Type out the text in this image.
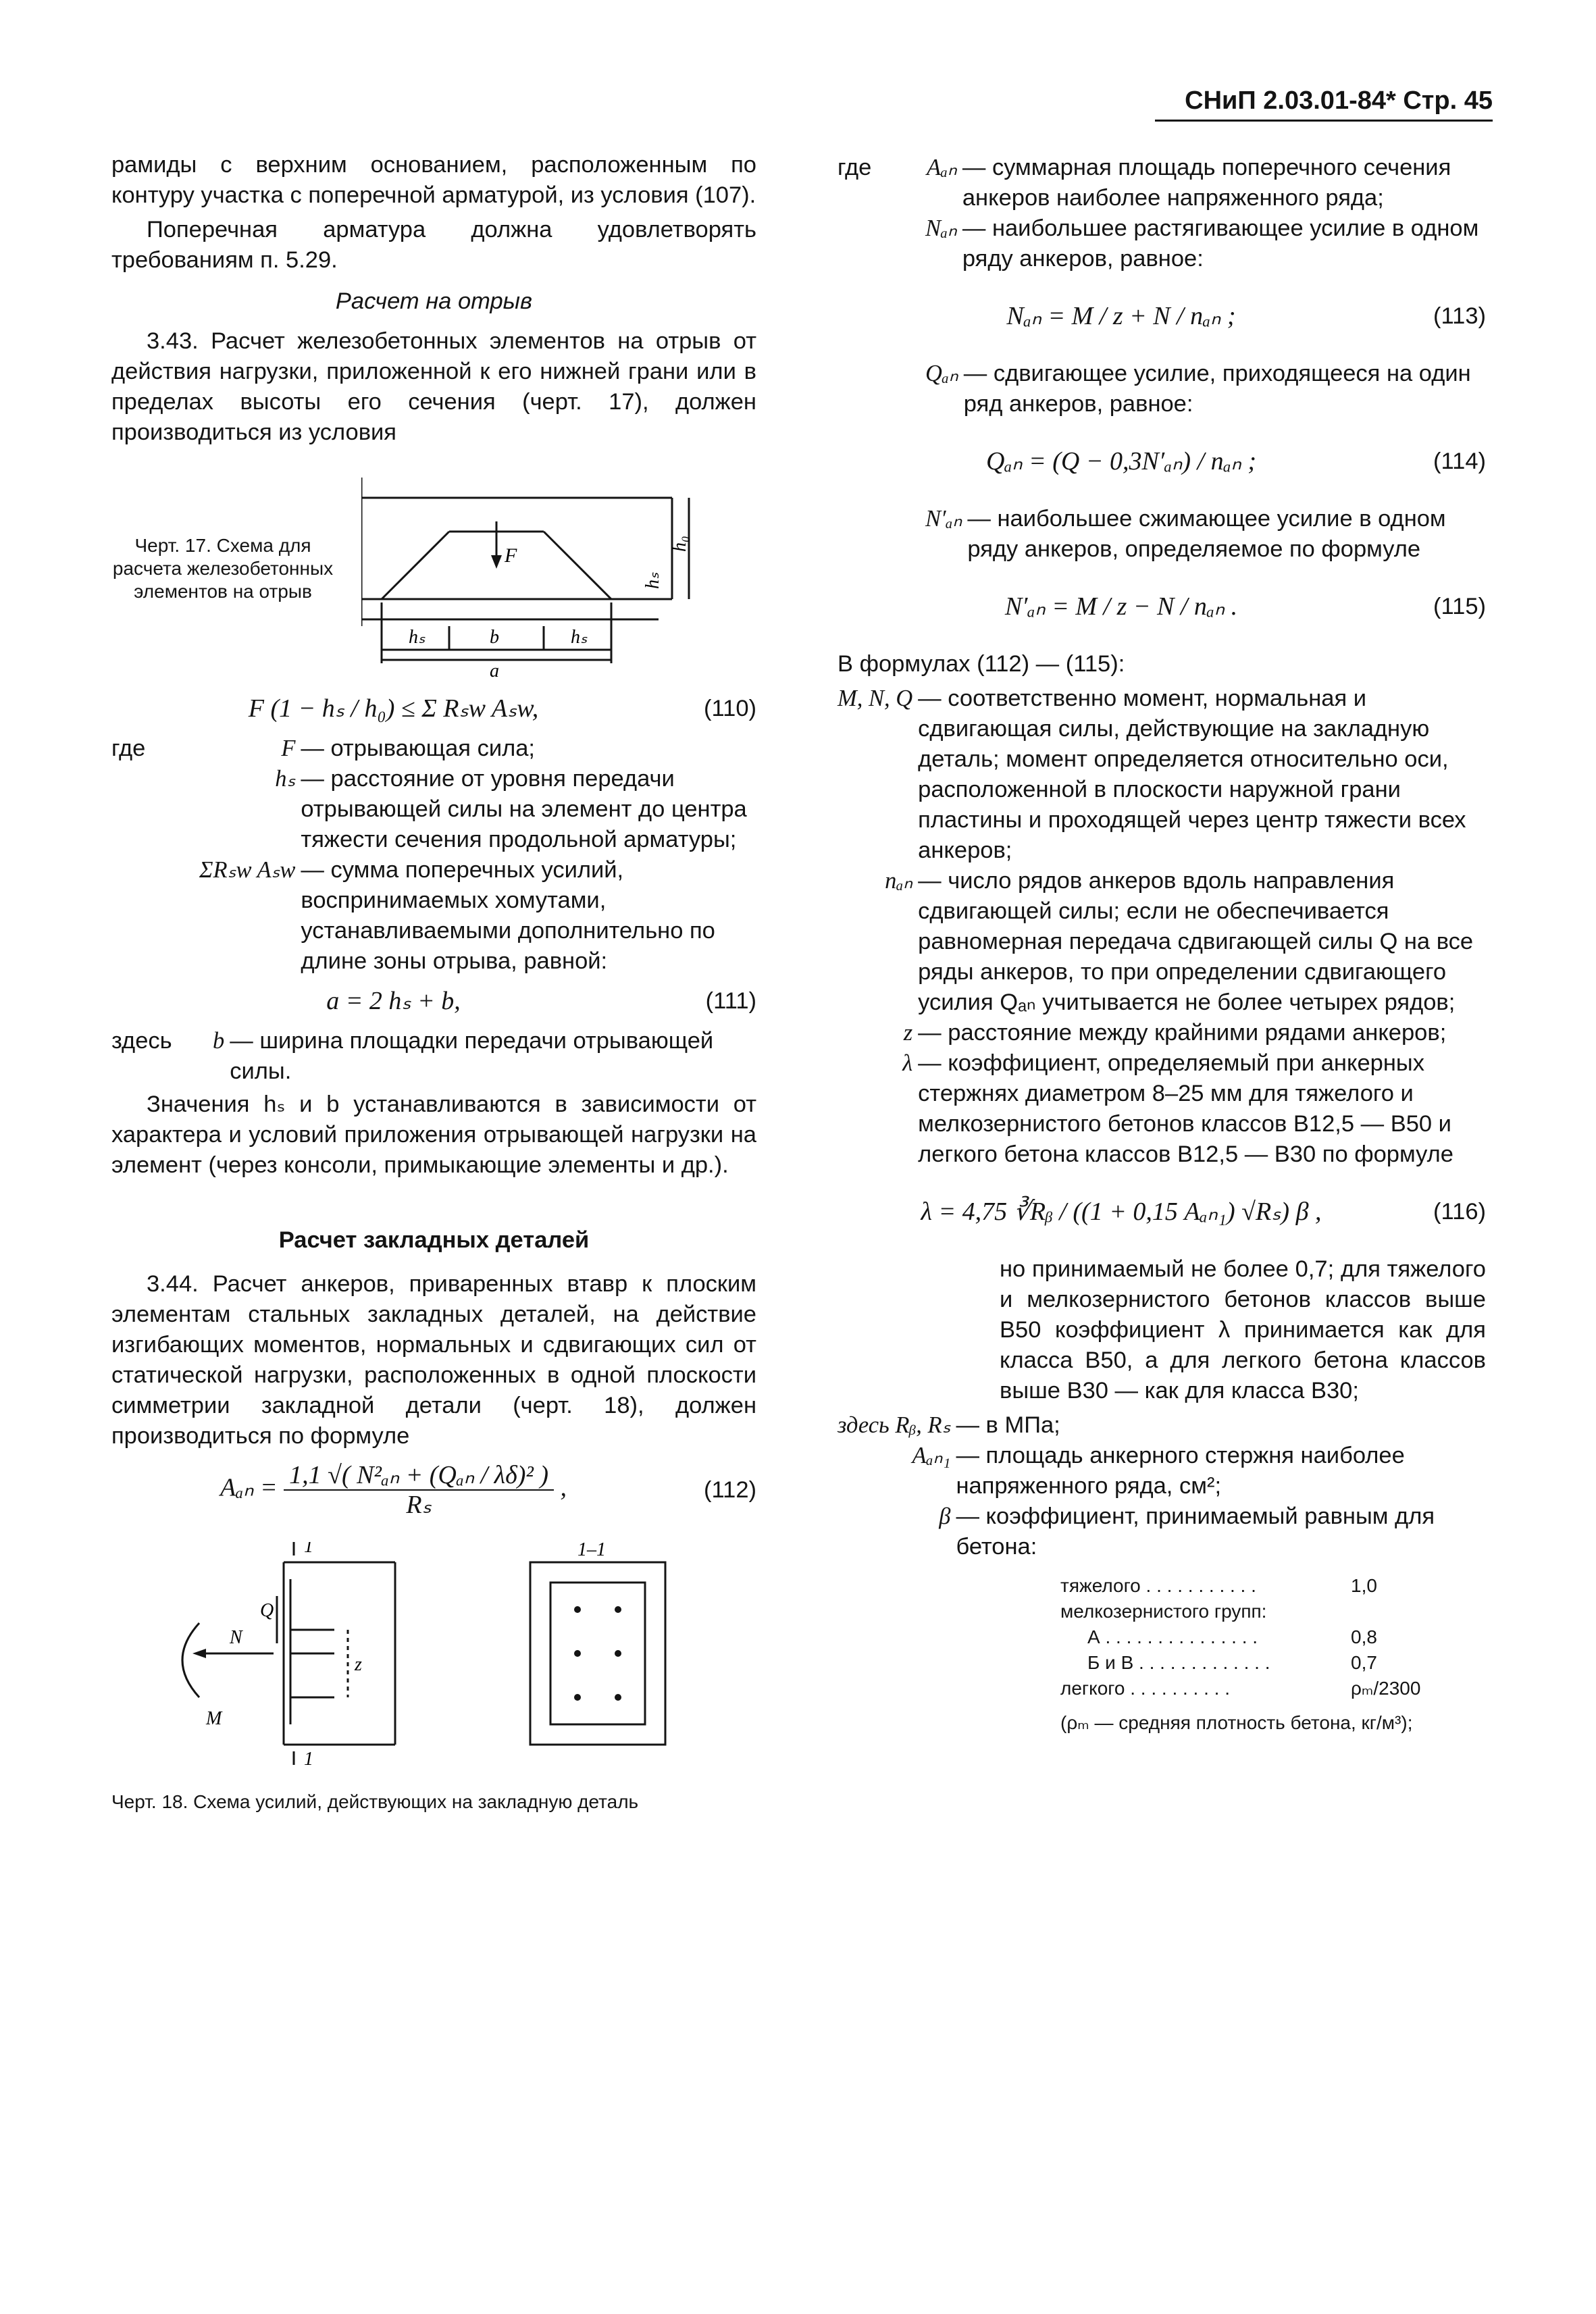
СНиП 2.03.01-84* Стр. 45

рамиды с верхним основанием, расположенным по контуру участка с поперечной арматурой, из условия (107).

Поперечная арматура должна удовлетворять требованиям п. 5.29.

Расчет на отрыв

3.43. Расчет железобетонных элементов на отрыв от действия нагрузки, приложенной к его нижней грани или в пределах высоты его сечения (черт. 17), должен производиться из условия

Черт. 17. Схема для расчета железобетонных элементов на отрыв
F
h₀
hₛ
hₛ	b	hₛ
a
F (1 − hₛ / h₀) ≤ Σ Rₛw Aₛw,	(110)
где	F — отрывающая сила;
hₛ — расстояние от уровня передачи отрывающей силы на элемент до центра тяжести сечения продольной арматуры;
ΣRₛw Aₛw — сумма поперечных усилий, воспринимаемых хомутами, устанавливаемыми дополнительно по длине зоны отрыва, равной:
a = 2 hₛ + b,	(111)
здесь b — ширина площадки передачи отрывающей силы.

Значения hₛ и b устанавливаются в зависимости от характера и условий приложения отрывающей нагрузки на элемент (через консоли, примыкающие элементы и др.).

Расчет закладных деталей

3.44. Расчет анкеров, приваренных втавр к плоским элементам стальных закладных деталей, на действие изгибающих моментов, нормальных и сдвигающих сил от статической нагрузки, расположенных в одной плоскости симметрии закладной детали (черт. 18), должен производиться по формуле

$A_{an} = \frac{\text{1,1 √( N²ₐₙ + (Qₐₙ / λδ)² )}}{\text{Rₛ}}$ ,	(112)
1
1
1–1
Q
N
M
z
Черт. 18. Схема усилий, действующих на закладную деталь
где Aₐₙ — суммарная площадь поперечного сечения анкеров наиболее напряженного ряда;
Nₐₙ — наибольшее растягивающее усилие в одном ряду анкеров, равное:
Nₐₙ = M / z + N / nₐₙ ;	(113)
Qₐₙ — сдвигающее усилие, приходящееся на один ряд анкеров, равное:
Qₐₙ = (Q − 0,3N′ₐₙ) / nₐₙ ;	(114)
N′ₐₙ — наибольшее сжимающее усилие в одном ряду анкеров, определяемое по формуле
N′ₐₙ = M / z − N / nₐₙ .	(115)

В формулах (112) — (115):

M, N, Q — соответственно момент, нормальная и сдвигающая силы, действующие на закладную деталь; момент определяется относительно оси, расположенной в плоскости наружной грани пластины и проходящей через центр тяжести всех анкеров;
nₐₙ — число рядов анкеров вдоль направления сдвигающей силы; если не обеспечивается равномерная передача сдвигающей силы Q на все ряды анкеров, то при определении сдвигающего усилия Qₐₙ учитывается не более четырех рядов;
z — расстояние между крайними рядами анкеров;
λ — коэффициент, определяемый при анкерных стержнях диаметром 8–25 мм для тяжелого и мелкозернистого бетонов классов В12,5 — В50 и легкого бетона классов В12,5 — В30 по формуле
λ = 4,75 ∛Rᵦ / ((1 + 0,15 Aₐₙ₁) √Rₛ) β ,	(116)

но принимаемый не более 0,7; для тяжелого и мелкозернистого бетонов классов выше В50 коэффициент λ принимается как для класса В50, а для легкого бетона классов выше В30 — как для класса В30;

здесь Rᵦ, Rₛ — в МПа;
Aₐₙ₁ — площадь анкерного стержня наиболее напряженного ряда, см²;
β — коэффициент, принимаемый равным для бетона:
тяжелого . . . . . . . . . . .	1,0
мелкозернистого групп:
А . . . . . . . . . . . . . . .	0,8
Б и В . . . . . . . . . . . . .	0,7
легкого . . . . . . . . . .	ρₘ/2300
(ρₘ — средняя плотность бетона, кг/м³);
